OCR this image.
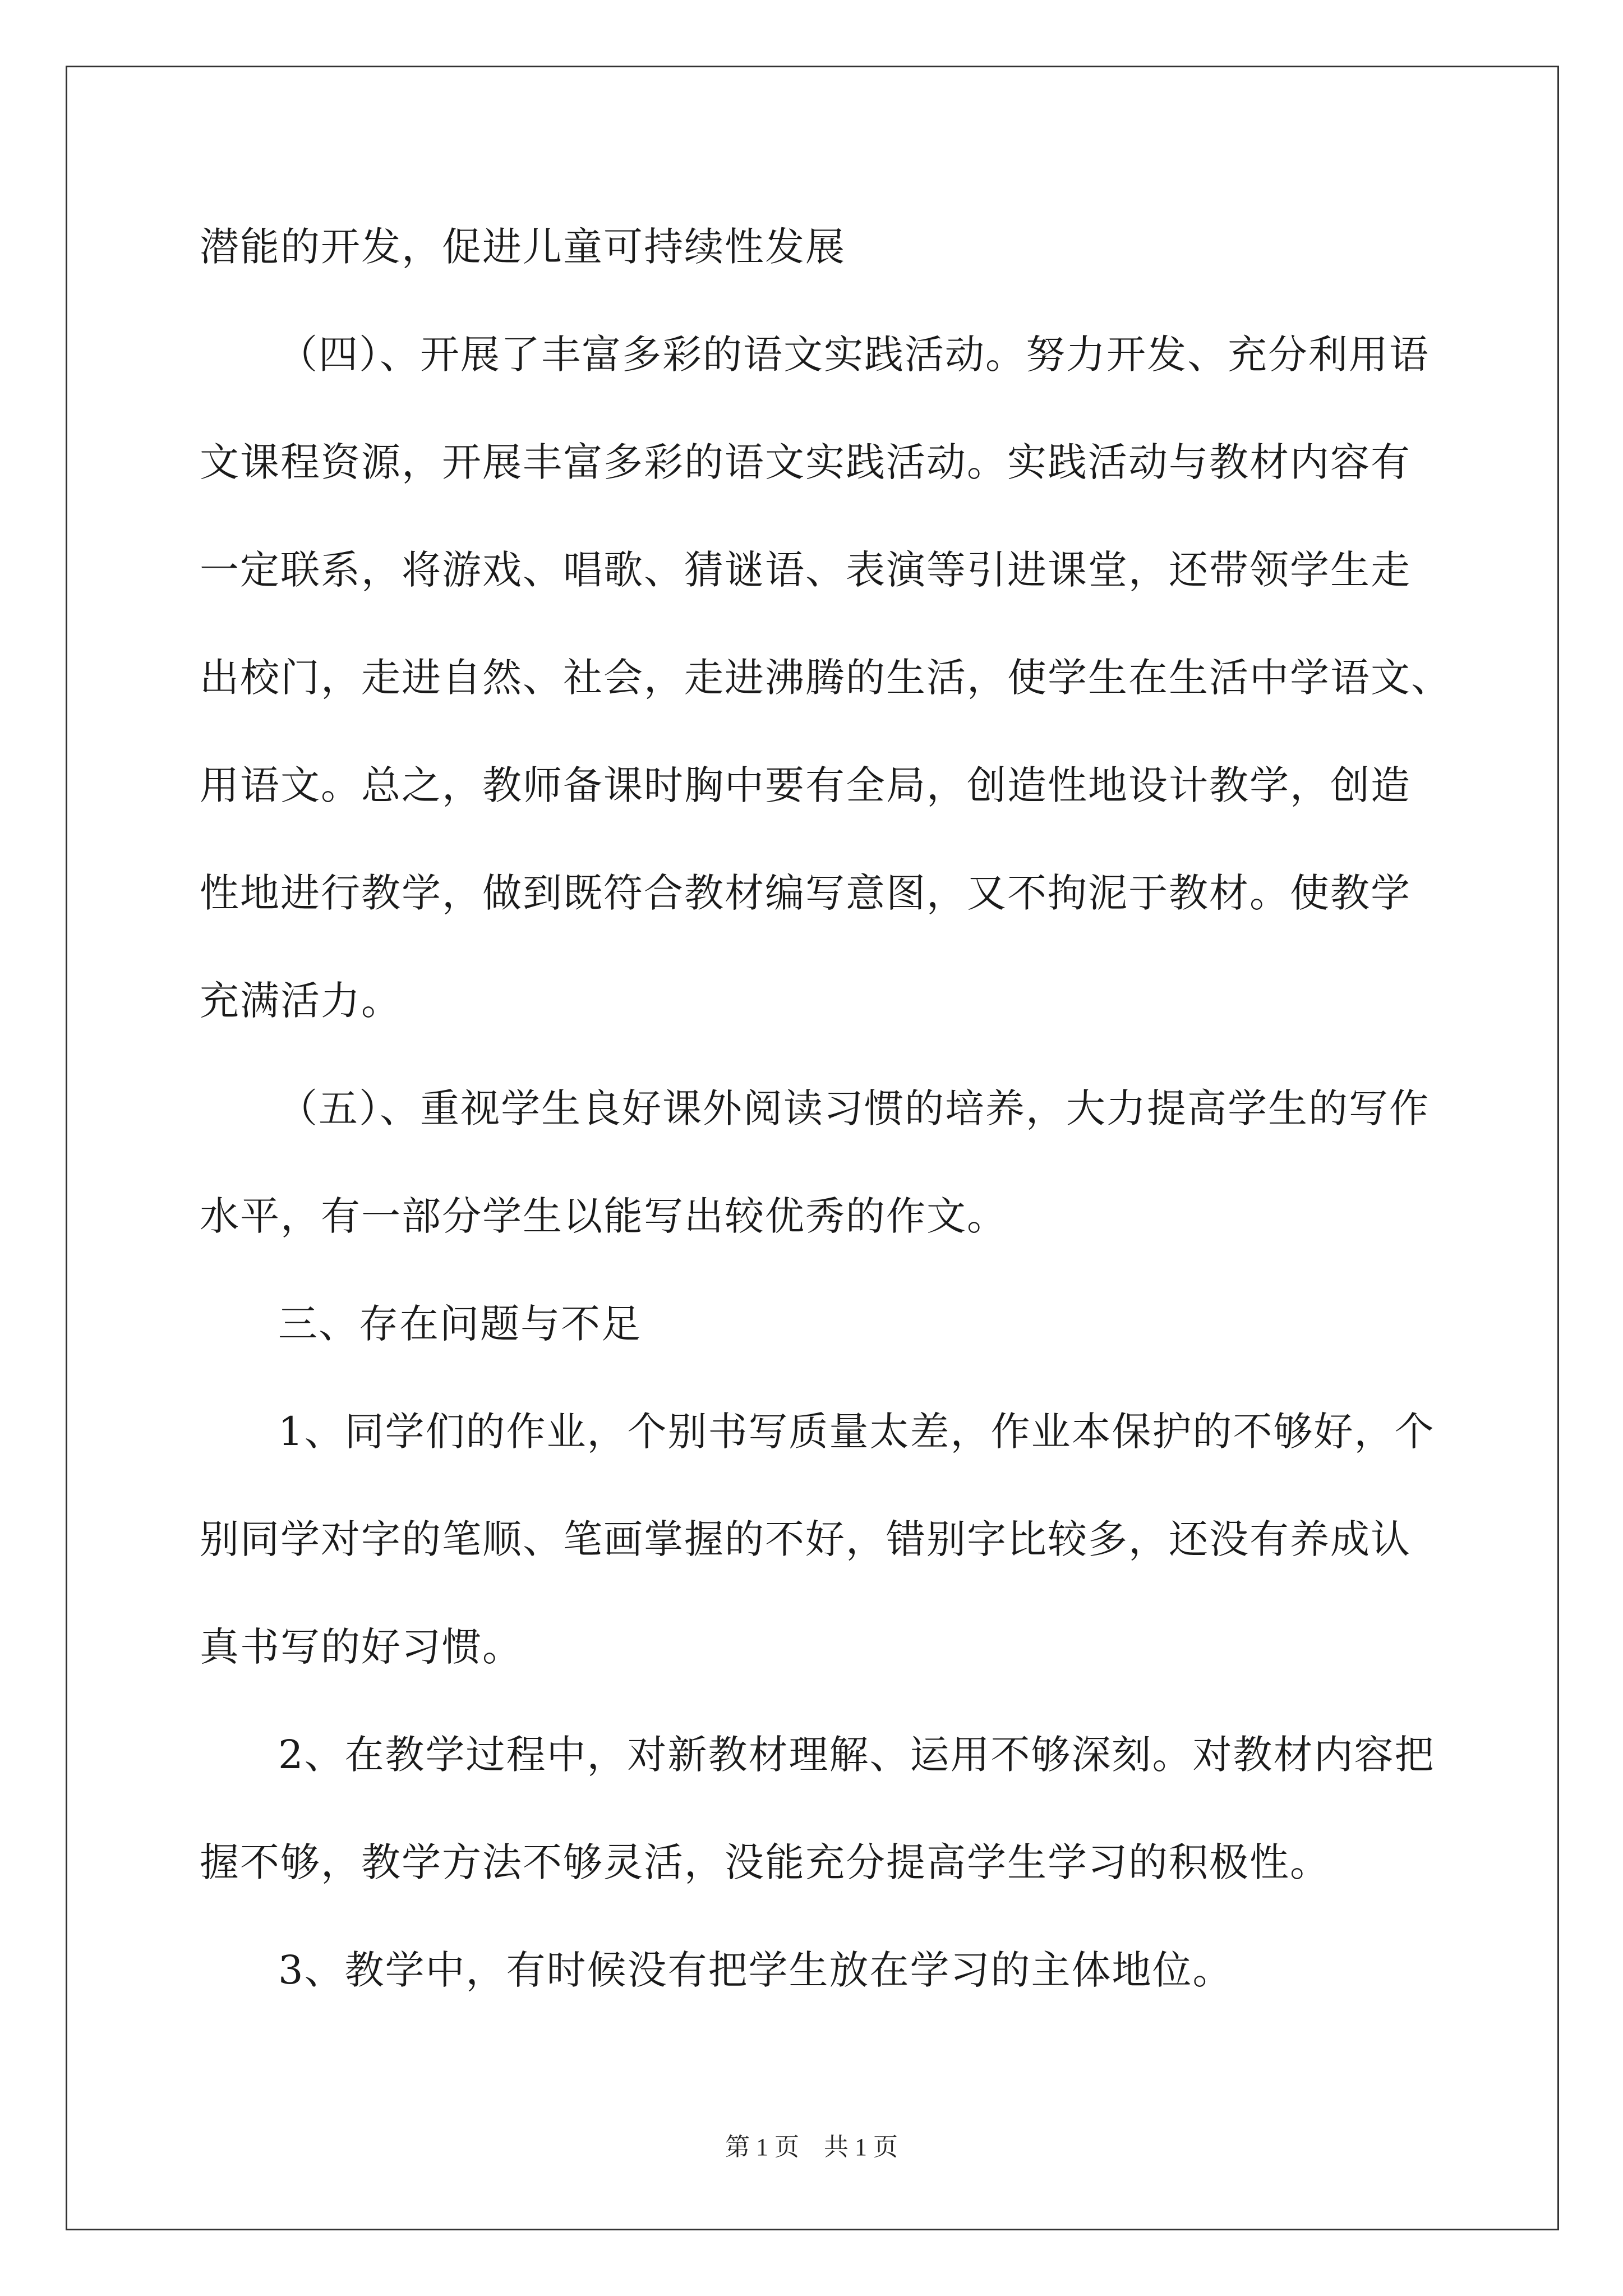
潜能的开发，促进儿童可持续性发展
（四）、开展了丰富多彩的语文实践活动。努力开发、充分利用语
文课程资源，开展丰富多彩的语文实践活动。实践活动与教材内容有
一定联系，将游戏、唱歌、猜谜语、表演等引进课堂，还带领学生走
出校门，走进自然、社会，走进沸腾的生活，使学生在生活中学语文、
用语文。总之，教师备课时胸中要有全局，创造性地设计教学，创造
性地进行教学，做到既符合教材编写意图，又不拘泥于教材。使教学
充满活力。
（五）、重视学生良好课外阅读习惯的培养，大力提高学生的写作
水平，有一部分学生以能写出较优秀的作文。
三、存在问题与不足
1、同学们的作业，个别书写质量太差，作业本保护的不够好，个
别同学对字的笔顺、笔画掌握的不好，错别字比较多，还没有养成认
真书写的好习惯。
2、在教学过程中，对新教材理解、运用不够深刻。对教材内容把
握不够，教学方法不够灵活，没能充分提高学生学习的积极性。
3、教学中，有时候没有把学生放在学习的主体地位。
第 1 页　共 1 页
